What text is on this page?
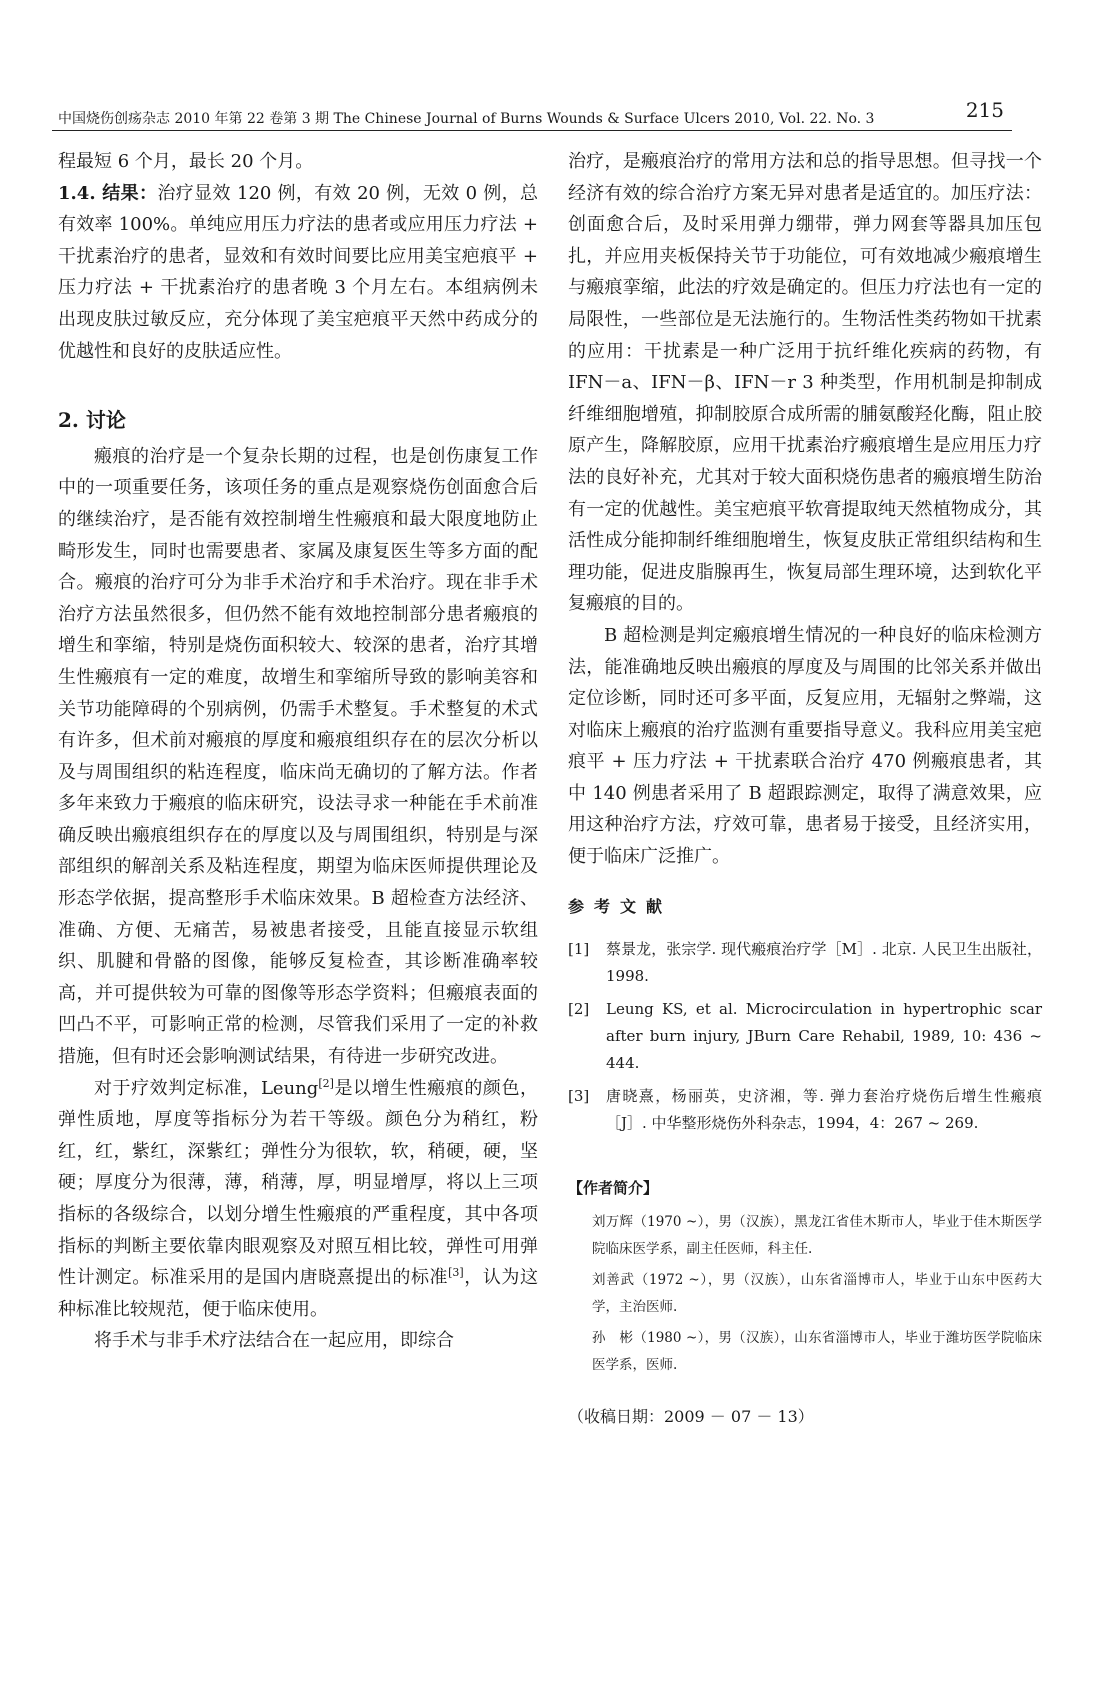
中国烧伤创疡杂志 2010 年第 22 卷第 3 期 The Chinese Journal of Burns Wounds & Surface Ulcers 2010, Vol. 22. No. 3	215

程最短 6 个月，最长 20 个月。

1.4. 结果：治疗显效 120 例，有效 20 例，无效 0 例，总有效率 100%。单纯应用压力疗法的患者或应用压力疗法 + 干扰素治疗的患者，显效和有效时间要比应用美宝疤痕平 + 压力疗法 + 干扰素治疗的患者晚 3 个月左右。本组病例未出现皮肤过敏反应，充分体现了美宝疤痕平天然中药成分的优越性和良好的皮肤适应性。

2. 讨论

瘢痕的治疗是一个复杂长期的过程，也是创伤康复工作中的一项重要任务，该项任务的重点是观察烧伤创面愈合后的继续治疗，是否能有效控制增生性瘢痕和最大限度地防止畸形发生，同时也需要患者、家属及康复医生等多方面的配合。瘢痕的治疗可分为非手术治疗和手术治疗。现在非手术治疗方法虽然很多，但仍然不能有效地控制部分患者瘢痕的增生和挛缩，特别是烧伤面积较大、较深的患者，治疗其增生性瘢痕有一定的难度，故增生和挛缩所导致的影响美容和关节功能障碍的个别病例，仍需手术整复。手术整复的术式有许多，但术前对瘢痕的厚度和瘢痕组织存在的层次分析以及与周围组织的粘连程度，临床尚无确切的了解方法。作者多年来致力于瘢痕的临床研究，设法寻求一种能在手术前准确反映出瘢痕组织存在的厚度以及与周围组织，特别是与深部组织的解剖关系及粘连程度，期望为临床医师提供理论及形态学依据，提高整形手术临床效果。B 超检查方法经济、准确、方便、无痛苦，易被患者接受，且能直接显示软组织、肌腱和骨骼的图像，能够反复检查，其诊断准确率较高，并可提供较为可靠的图像等形态学资料；但瘢痕表面的凹凸不平，可影响正常的检测，尽管我们采用了一定的补救措施，但有时还会影响测试结果，有待进一步研究改进。

对于疗效判定标准，Leung[2]是以增生性瘢痕的颜色，弹性质地，厚度等指标分为若干等级。颜色分为稍红，粉红，红，紫红，深紫红；弹性分为很软，软，稍硬，硬，坚硬；厚度分为很薄，薄，稍薄，厚，明显增厚，将以上三项指标的各级综合，以划分增生性瘢痕的严重程度，其中各项指标的判断主要依靠肉眼观察及对照互相比较，弹性可用弹性计测定。标准采用的是国内唐晓熹提出的标准[3]，认为这种标准比较规范，便于临床使用。

将手术与非手术疗法结合在一起应用，即综合

治疗，是瘢痕治疗的常用方法和总的指导思想。但寻找一个经济有效的综合治疗方案无异对患者是适宜的。加压疗法：创面愈合后，及时采用弹力绷带，弹力网套等器具加压包扎，并应用夹板保持关节于功能位，可有效地减少瘢痕增生与瘢痕挛缩，此法的疗效是确定的。但压力疗法也有一定的局限性，一些部位是无法施行的。生物活性类药物如干扰素的应用：干扰素是一种广泛用于抗纤维化疾病的药物，有 IFN－a、IFN－β、IFN－r 3 种类型，作用机制是抑制成纤维细胞增殖，抑制胶原合成所需的脯氨酸羟化酶，阻止胶原产生，降解胶原，应用干扰素治疗瘢痕增生是应用压力疗法的良好补充，尤其对于较大面积烧伤患者的瘢痕增生防治有一定的优越性。美宝疤痕平软膏提取纯天然植物成分，其活性成分能抑制纤维细胞增生，恢复皮肤正常组织结构和生理功能，促进皮脂腺再生，恢复局部生理环境，达到软化平复瘢痕的目的。

B 超检测是判定瘢痕增生情况的一种良好的临床检测方法，能准确地反映出瘢痕的厚度及与周围的比邻关系并做出定位诊断，同时还可多平面，反复应用，无辐射之弊端，这对临床上瘢痕的治疗监测有重要指导意义。我科应用美宝疤痕平 + 压力疗法 + 干扰素联合治疗 470 例瘢痕患者，其中 140 例患者采用了 B 超跟踪测定，取得了满意效果，应用这种治疗方法，疗效可靠，患者易于接受，且经济实用，便于临床广泛推广。

参考文献

[1]	蔡景龙，张宗学. 现代瘢痕治疗学［M］. 北京. 人民卫生出版社，1998.
[2]	Leung KS, et al. Microcirculation in hypertrophic scar after burn injury, JBurn Care Rehabil, 1989, 10: 436 ~ 444.
[3]	唐晓熹，杨丽英，史济湘，等. 弹力套治疗烧伤后增生性瘢痕［J］. 中华整形烧伤外科杂志，1994，4：267 ~ 269.

【作者简介】

刘万辉（1970 ~），男（汉族），黑龙江省佳木斯市人，毕业于佳木斯医学院临床医学系，副主任医师，科主任.

刘善武（1972 ~），男（汉族），山东省淄博市人，毕业于山东中医药大学，主治医师.

孙　彬（1980 ~），男（汉族），山东省淄博市人，毕业于潍坊医学院临床医学系，医师.

（收稿日期：2009 － 07 － 13）
